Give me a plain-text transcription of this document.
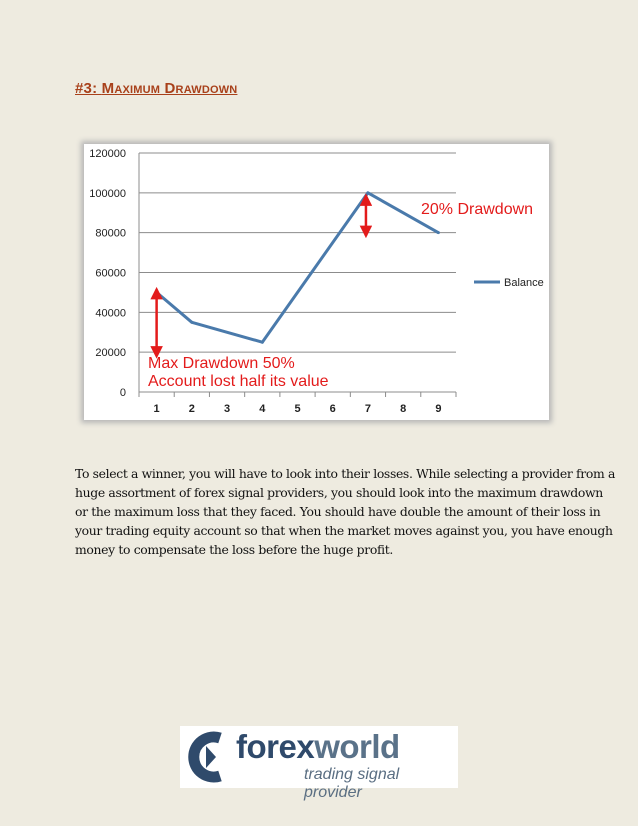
#3: Maximum Drawdown
0
20000
40000
60000
80000
100000
120000
1	2	3	4	5	6	7	8	9
Balance
20% Drawdown
Max Drawdown 50%
Account lost half its value
To select a winner, you will have to look into their losses. While selecting a provider from a
huge assortment of forex signal providers, you should look into the maximum drawdown
or the maximum loss that they faced. You should have double the amount of their loss in
your trading equity account so that when the market moves against you, you have enough
money to compensate the loss before the huge profit.
forexworld
trading signal provider
